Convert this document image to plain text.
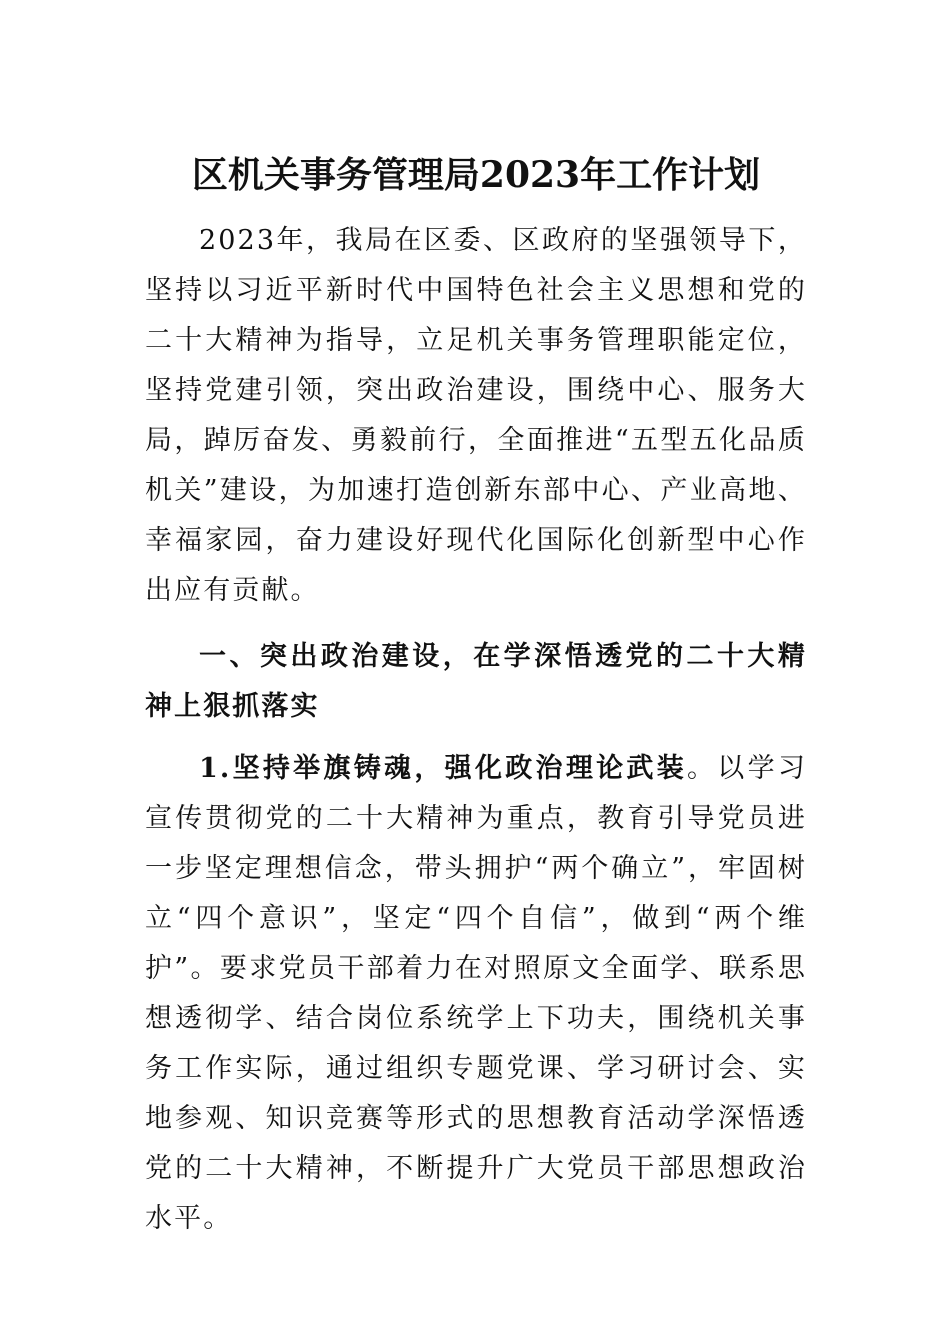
区机关事务管理局2023年工作计划

2023年，我局在区委、区政府的坚强领导下，坚持以习近平新时代中国特色社会主义思想和党的二十大精神为指导，立足机关事务管理职能定位，坚持党建引领，突出政治建设，围绕中心、服务大局，踔厉奋发、勇毅前行，全面推进“五型五化品质机关”建设，为加速打造创新东部中心、产业高地、幸福家园，奋力建设好现代化国际化创新型中心作出应有贡献。

一、突出政治建设，在学深悟透党的二十大精神上狠抓落实

1.坚持举旗铸魂，强化政治理论武装。以学习宣传贯彻党的二十大精神为重点，教育引导党员进一步坚定理想信念，带头拥护“两个确立”，牢固树立“四个意识”，坚定“四个自信”，做到“两个维护”。要求党员干部着力在对照原文全面学、联系思想透彻学、结合岗位系统学上下功夫，围绕机关事务工作实际，通过组织专题党课、学习研讨会、实地参观、知识竞赛等形式的思想教育活动学深悟透党的二十大精神，不断提升广大党员干部思想政治水平。
